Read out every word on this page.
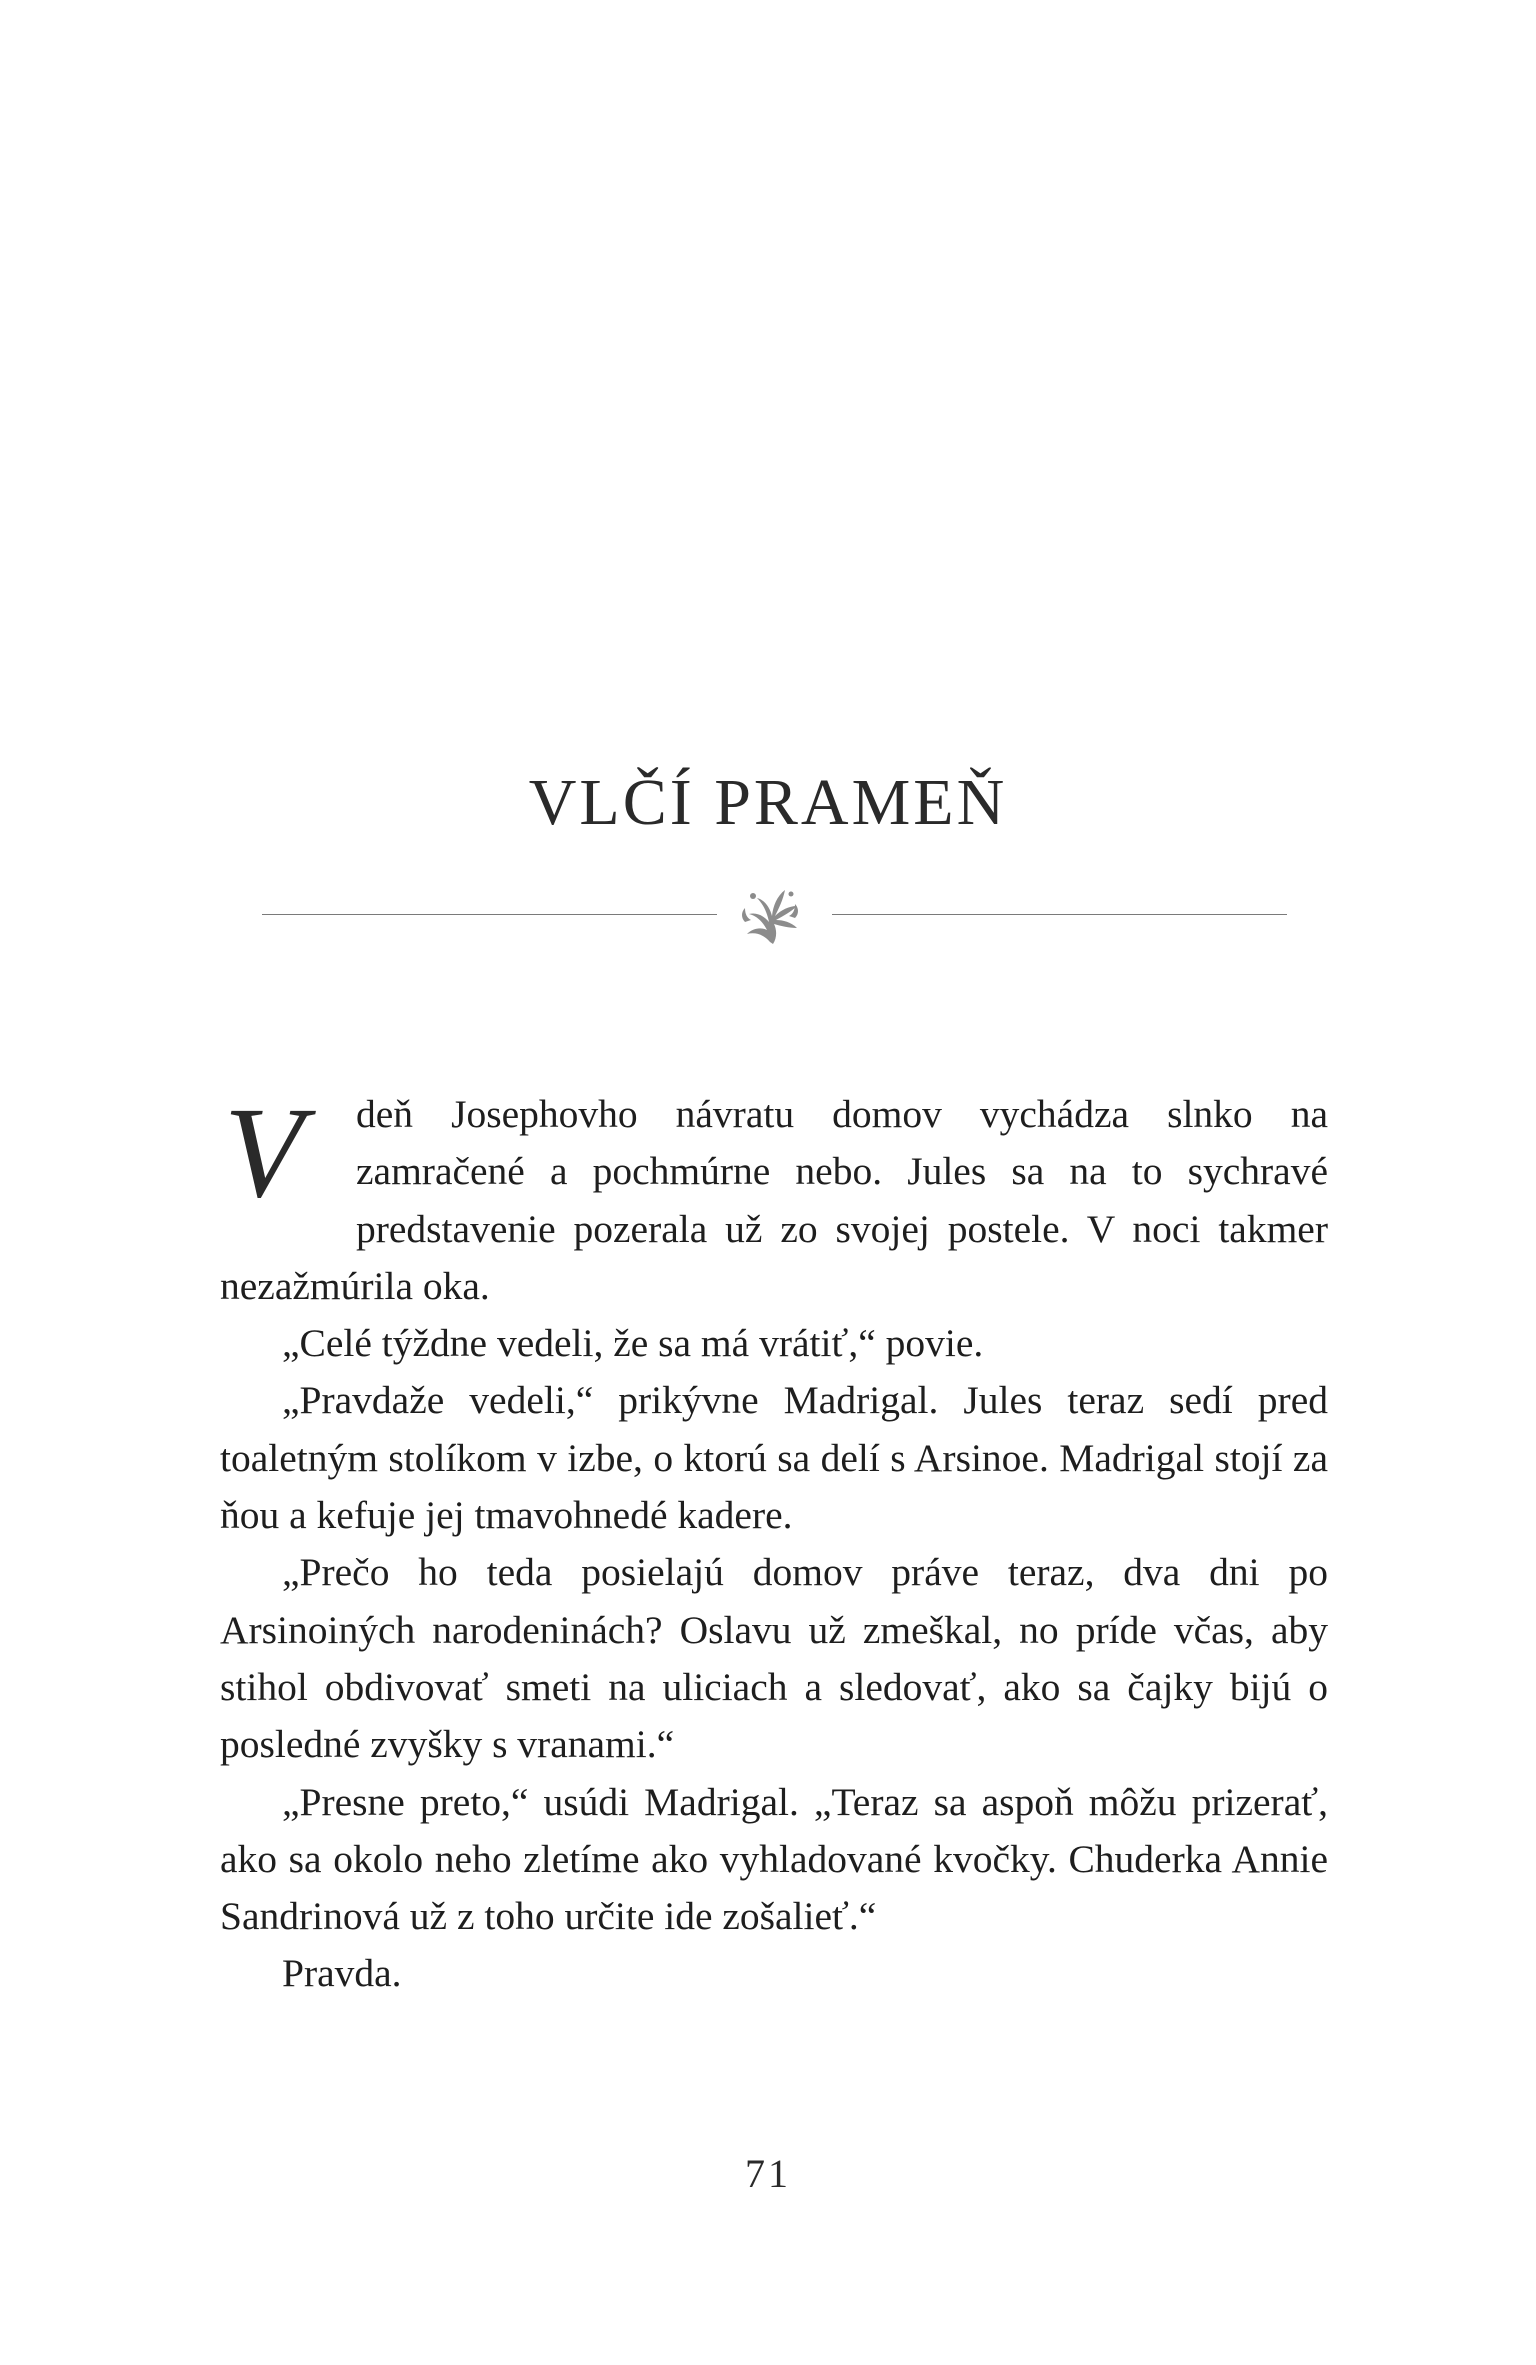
VLČÍ PRAMEŇ

V	deň Josephovho návratu domov vychádza slnko na zamračené a pochmúrne nebo. Jules sa na to sychravé predstavenie pozerala už zo svojej postele. V noci takmer nezažmúrila oka.

„Celé týždne vedeli, že sa má vrátiť,“ povie.

„Pravdaže vedeli,“ prikývne Madrigal. Jules teraz sedí pred toaletným stolíkom v izbe, o ktorú sa delí s Arsinoe. Madrigal stojí za ňou a kefuje jej tmavohnedé kadere.

„Prečo ho teda posielajú domov práve teraz, dva dni po Arsinoiných narodeninách? Oslavu už zmeškal, no príde včas, aby stihol obdivovať smeti na uliciach a sledovať, ako sa čajky bijú o posledné zvyšky s vranami.“

„Presne preto,“ usúdi Madrigal. „Teraz sa aspoň môžu prizerať, ako sa okolo neho zletíme ako vyhladované kvočky. Chuderka Annie Sandrinová už z toho určite ide zošalieť.“

Pravda.

71
